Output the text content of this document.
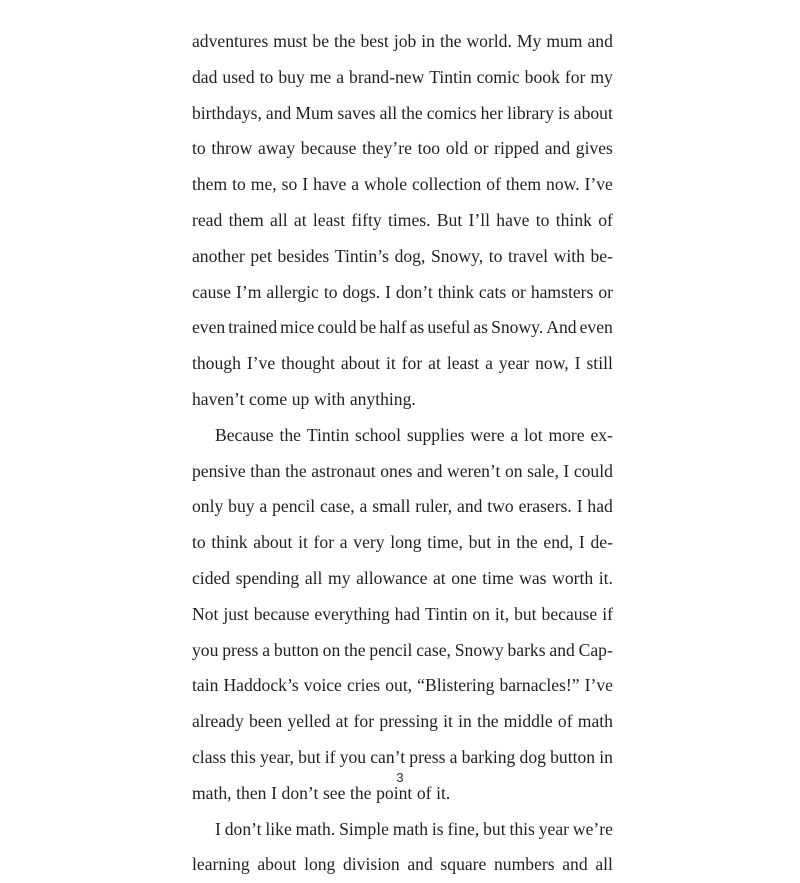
adventures must be the best job in the world. My mum and
dad used to buy me a brand-new Tintin comic book for my
birthdays, and Mum saves all the comics her library is about
to throw away because they’re too old or ripped and gives
them to me, so I have a whole collection of them now. I’ve
read them all at least fifty times. But I’ll have to think of
another pet besides Tintin’s dog, Snowy, to travel with be-
cause I’m allergic to dogs. I don’t think cats or hamsters or
even trained mice could be half as useful as Snowy. And even
though I’ve thought about it for at least a year now, I still
haven’t come up with anything.
Because the Tintin school supplies were a lot more ex-
pensive than the astronaut ones and weren’t on sale, I could
only buy a pencil case, a small ruler, and two erasers. I had
to think about it for a very long time, but in the end, I de-
cided spending all my allowance at one time was worth it.
Not just because everything had Tintin on it, but because if
you press a button on the pencil case, Snowy barks and Cap-
tain Haddock’s voice cries out, “Blistering barnacles!” I’ve
already been yelled at for pressing it in the middle of math
class this year, but if you can’t press a barking dog button in
math, then I don’t see the point of it.
I don’t like math. Simple math is fine, but this year we’re
learning about long division and square numbers and all
3
